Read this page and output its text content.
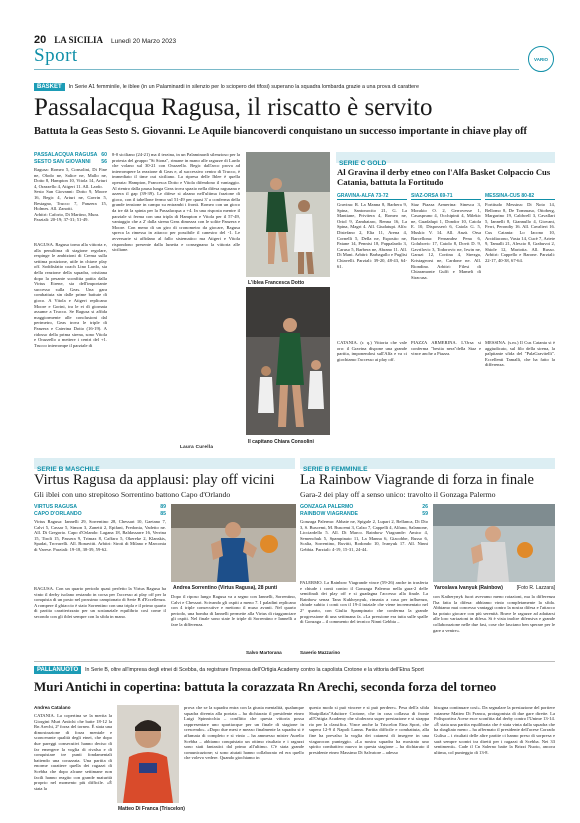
20 LA SICILIA Lunedì 20 Marzo 2023
Sport	VARIO
BASKET	In Serie A1 femminile, le iblee (in un Palaminardi in silenzio per lo sciopero dei tifosi) superano la squadra lombarda grazie a una prova di carattere
Passalacqua Ragusa, il riscatto è servito
Battuta la Geas Sesto S. Giovanni. Le Aquile biancoverdi conquistano un successo importante in chiave play off
PASSALACQUA RAGUSA 60
SESTO SAN GIOVANNI 56

Ragusa: Romeo 5, Consolini, Di Fine ne, Olodo ne, Salice ne, Mallo ne, Dotto 8, Hampton 10, Vitola 14, Arturi 4, Orazzello 4, Atigeri 11. All. Lardo.

Sesto San Giovanni: Dotto 9, Moore 16, Begic 4, Arturi ne, Gavrin 5, Bestagno, Trucco 7, Panzera 15, Holmes. All. Zanotti.

Arbitri: Caforio, Di Martino, Mura.

Parziali: 20-19; 37-31; 51-49.

RAGUSA. Ragusa torna alla vittoria e, alla penultima di stagione regolare, respinge le ambizioni di Crema sulla settima posizione, utile in chiave play off. Soddisfatto coach Lino Lardo, sia della reazione della squadra, cristiana dopo la pesante sconfitta patita dalla Virtus Eirene, sia dell'importante successo sulla Geas. Una gara combattuta sin dalle prime battute di gioco. A Vitola e Atigeri replicano Moore e Gorini, tra le ei dì giornata assume a Trucco. Se Ragusa si affida maggiormente alle conclusioni dal perimetro, Geas trova le triple di Panzera e Caterina Dotto (16-19). A ridosso della prima sirena, sono Vitola e Orazzello a mettere i centri del +1. Trucco interrompe il parziale di

8-0 siciliano (24-21) ma il terzina, in un Palaminardi silenzioso per la protesta del gruppo "Si Stona", rimane in mano alle ragazze di Lardo che volano sul 30-21 con Orazzello. Begic dall'arco prova ad interrompere la reazione di Geas e, al successivo centro di Trucco, è immediato il time out siciliano. La ripresa delle Iblee è quella operata: Hampton, Francesca Dotto e Vitola difendono il vantaggio. Al rientro dalla pausa lunga Geas trova spazio nella difesa ragusana e azzera il gap (39-39). Le difese si alzano nell'ultima frazione di gioco, con il tabellone fermo sul 51-49 per quasi 3' a conferma della grande tensione in campo su entrambi i fronti. Romeo con un gioco da tre dà la spinta per la Passalacqua a +4. In una risposta mentre il parziale si ferma con una tripla di Hampton e Vitola per il 57-49, vantaggio che a 2' dalla sirena Geas dimezza con le solite Panzera e Moore. Con meno di un giro di cronometro da giocare, Ragusa spreca la rimessa in attacco per possibile il canestro del -1. Le avversarie si affidano al fallo sistematico ma Atigeri e Vitola rispondono presente dalla lunetta e consegnano la vittoria alle siciliane.

Laura Curella
L'iblea Francesca Dotto
Il capitano Chiara Consolini
SERIE C GOLD
Al Gravina il derby etneo con l'Alfa Basket Colpaccio Cus Catania, battuta la Fortitudo
GRAVINA-ALFA 73-72
Gravina: R. La Manna 8, Barbera 9, Spina, Santonocito 21, G. La Mantiane, Privitera 4, Romeo ne, Oriol 9, Zambataro, Renna 16, La Spina, Magri 4. All. Giudatupi. Alfa: Distefano 2, Elia 11, Arena 4, Cornelli 5, Della ne, Esposito ne, Patane 14, Pennisi 18, Pappalardo 3, Caruso 5, Barbera ne, Abrano 11. All. Di Mani. Arbitri: Barbagallo e Puglisi Chiavelli. Parziali: 39-20, 48-43, 64-61.
CATANIA. (r. q.) Vittoria che vale oro: il Gravina dispone una grande partita, imponendosi sull'Alfa e va ci giochiamo l'accesso ai play off.
SIAZ-ORSA 69-71
Siaz Piazza Armerina: Sinesca 3, Morakio O. 2, Gerrovesse 1, Casaspruno 4, Occhipinti 4, Milekic ne, Guadalupi 1, Dondor 10, Caiola E. 10, Disposserò 6, Caiola G. 5, Muskic V. 14. All. Anzà. Orsa Barcellona: Fernandez Pena 6, Golubovic 17, Caiolo 8, Dovit D. 9, Gavrilovic 3, Todorovic ne, Irwin ne, Garuzi 12, Cortina 4, Strezga, Kristageorsi ne, Cardone ne. All. Riondino. Arbitri: Filesi di Chiaramonte Gulfi e Mameli di Siracusa.
PIAZZA ARMERINA. L'Orsa si conferma "bestia nera"della Siaz e vince anche a Piazza.
MESSINA-CUS 80-82
Fortitudo Messina: Di Noto 14, Bellomo 8, De Tommaso, Ottoberg, Margarino 19, Caldwell 3, Cavallari 5, Iannelli 8, Giannullo 4, Giovani, Ferri, Perondiy 16. All. Cavalieri 16. Cus Catania: Lo Iacono 10, Arcidiacono, Vasta 14, Cucè 7, Ariete 9, Tamalli 21, Alescio 8, Grabuvoi 2, Shiole 12, Mariotta. All. Russo. Arbitri: Cappello e Barone. Parziali: 22-17, 40-38, 67-64.
MESSINA. (s.m.) Il Cus Catania si è aggiudicato, sul filo della sirena, la palpitante sfida del "PalaGravitelli". Eccellenti Tamalli, che ha fatto la differenza.
SERIE B MASCHILE
Virtus Ragusa da applausi: play off vicini
Gli iblei con uno strepitoso Sorrentino battono Capo d'Orlando
VIRTUS RAGUSA	89
CAPO D'ORLANDO	85
Virtus Ragusa: Iannelli 29, Sorrentino 28, Chessari 10, Gaetano 7, Calvi 5, Cassar 5, Simon 3, Zanetti 2, Epifani, Fredonia, Vadetto ne. All. Di Gregorio. Capo d'Orlando: Lagana 18, Baldassarre 16, Verrina 15, Tiroli 15, Passera 9, Trimax 8, Caffaro 5, Okereke 2, Klanskis, Spadai, Trovarelli. All. Bonavitti. Arbitri: Siroti di Milano e Marconia di Varese. Parziali: 19-18, 38-39, 59-62.
Andrea Sorrentino (Virtus Ragusa), 28 punti
RAGUSA. Con un quarto periodo quasi perfetto la Virtus Ragusa ha vinto il derby isolano restando in corsa per l'accesso ai play off per la conquista di un posto nel prossimo campionato di Serie B d'Eccellenza. A rompere il ghiaccio è stato Sorrentino con una tripla e il primo quarto di partita caratterizzato per un sostanziale equilibrio così come il secondo con gli iblei sempre con la sfida in mano.
Dopo il riposo lungo Ragusa va a segno con Iannelli, Sorrentino, Calvi e Chessari. Scivando gli ospiti a meno 7. I paladini replicano con 4 triple consecutive e mettono il muso avanti. Nel quarto periodo, una bomba di Iannelli permette alla Virtus di riagganciare gli ospiti. Nel finale sono state le triple di Sorrentino e Iannelli a fare la differenza.
Salvo Martorana
SERIE B FEMMINILE
La Rainbow Viagrande di forza in finale
Gara-2 dei play off a senso unico: travolto il Gonzaga Palermo
GONZAGA PALERMO	26
RAINBOW VIAGRANDE	59
Gonzaga Palermo: Abbate ne, Spigale 2, Lupari 2, Bellanca, Di Dio 3, S. Buscemi, M. Buscemi 3, Calzo 7, Cappelli 4, Alfano, Salamone, Licciardello 5. All. Di Marco. Rainbow Viagrande: Amico 4, Semenchuk 5, Spampinato 11, La Manna 6, Giacobbe, Russo 6, Scalia, Sorrentino, Ruvitti, Rodondo 10, Ivanyuk 17. All. Ninni Gebbia. Parziali: 4-19, 15-31, 24-44.
Yaroslava Ivanyuk (Rainbow)	[Foto R. Lazzara]
PALERMO. La Rainbow Viagrande vince (59-26) anche in trasferta e chiude i conti contro il Gonzaga Palermo nella gara-2 delle semifinali dei play off e si guadagna l'accesso alla finale. La Rainbow senza Tana Kukhrynyuk, rimasta a casa per influenza, chiude subito i conti con il 19-4 iniziale che viene incrementato nel 2° quarto, con Giulia Spampinato che conferma la grande progressione di una settimana fa. «La pressione era tutta sulle spalle di Gonzaga – il commento del tecnico Ninni Gebbia –
con Katherynyk fuori avevamo meno rotazioni, ma la differenza l'ha fatta la difesa: abbiamo vinto completamente la sfida. Abbiamo mai concesso vantaggi contro la nostra difesa e l'attacco ha potuto giocare con più serenità. Brave le ragazze ad adattarsi alle loro variazioni in difesa. Si è vista inoltre difensiva e grande collaborazione nelle due fasi, cose che lasciano ben sperare per le gare a venire».
Saverio Mazzarino
PALLANUOTO	In Serie B, oltre all'impresa degli etnei di Scebba, da registrare l'impresa dell'Ortigia Academy contro la capolista Crotone e la vittoria dell'Etna Sport
Muri Antichi in copertina: battuta la corazzata Rn Arechi, seconda forza del torneo
Andrea Catalano
CATANIA. La copertina se la merita la Giorgini Muri Antichi che batte 18-12 la Rn Arechi, 2ª forza del torneo. È stata una dimostrazione di forza mentale e sconcerante qualità degli etnei, che dopo due pareggi consecutivi hanno deciso di far emergere la voglia di rivalsa e di conquistare tre punti fondamentali battendo una corazzata. Una partita di enorme carattere quella dei ragazzi di Scebba che dopo alcune settimane non facili hanno reagito con grande maturità proprio nel momento più difficile. «È stata la
Matteo Di Franca (Triscelon)
prova che se la squadra entra con la giusta mentalità, qualunque squadra diventa alla portata – ha dichiarato il presidente etneo Luigi Spinnicchia – conflitto che questa vittoria possa rappresentare uno spartiacque per un finale di stagione in crescendo». «Dopo due mesi e mezzo finalmente la squadra si è affamata di completo e si vinto – ha ammesso mister Aurelio Scebba – abbiamo conquistato un ottimo risultato e i ragazzi sono stati fantastici dal primo all'ultimo. C'è stata grande comunicazione; si sono aiutati hanno collaborato ed era quello che volevo vedere. Quando giochiamo in
questo modo si può vincere e si può perdere». Pesa dell'a sfida Sbaipillata"Aduitore Crotone, che in casa collassa di fronte all'Ortigia Academy che sfoderava super prestazione e si strappa rio per la classifica. Vince anche la Triscelon Etna Sport, che supera 12-9 il Napoli Lanna. Partita difficile e combattuta, alla fine ha prevalso la voglia dei catanesi di insegere in una viagarocon punteggio. «La nostra squadra ha mostrato uno spirito combattivo nuovo in questa stagione – ha dichiarato il presidente etneo Massimo Di Salvatore – adesso
bisogna continuare così». Da segnalare la prestazione del portiere catanese Matteo Di Franca, protagonista di due gare dirette. La Polisportiva Acese esce sconfitta dal derby contro l'Unime 13-14. «È stata una partita equilibrata che è stata vinta dalla squadra che ha sbagliato meno – ha affermato il presidente dell'acese Corrado Gulisa – i risultati delle altre partite ci hanno preso di sorpresa e sarà sempre scontri tra diretti per i ragazzi di Scebba. Nei 33 sentimenti». Cade il Cn Salerno batte la Brizzi Nuoto, ancora ultima, col punteggio di 13-8.
